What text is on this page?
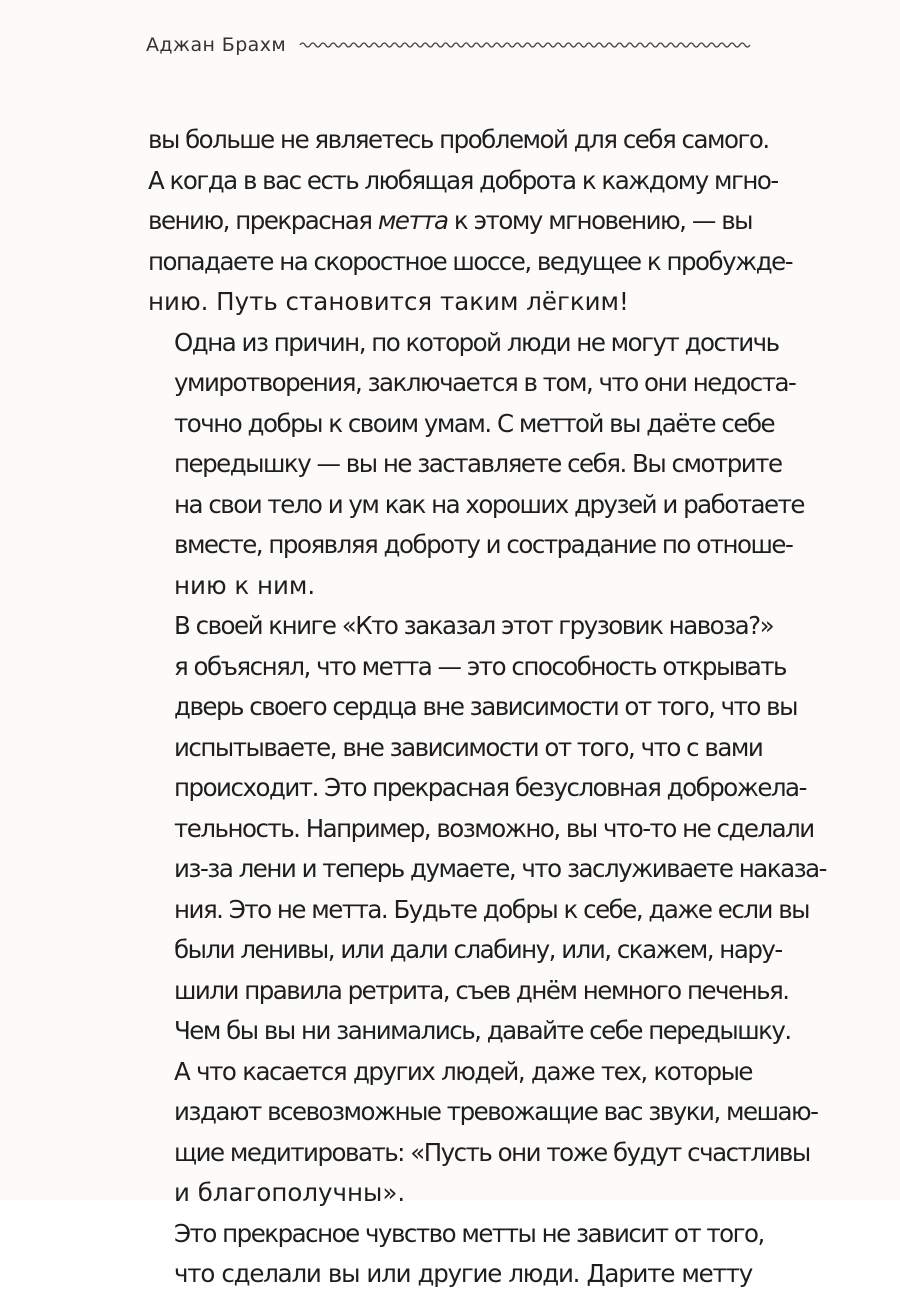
Аджан Брахм

вы больше не являетесь проблемой для себя самого.
А когда в вас есть любящая доброта к каждому мгно-
вению, прекрасная метта к этому мгновению, — вы
попадаете на скоростное шоссе, ведущее к пробужде-
нию. Путь становится таким лёгким!

Одна из причин, по которой люди не могут достичь
умиротворения, заключается в том, что они недоста-
точно добры к своим умам. С меттой вы даёте себе
передышку — вы не заставляете себя. Вы смотрите
на свои тело и ум как на хороших друзей и работаете
вместе, проявляя доброту и сострадание по отноше-
нию к ним.

В своей книге «Кто заказал этот грузовик навоза?»
я объяснял, что метта — это способность открывать
дверь своего сердца вне зависимости от того, что вы
испытываете, вне зависимости от того, что с вами
происходит. Это прекрасная безусловная доброжела-
тельность. Например, возможно, вы что-то не сделали
из-за лени и теперь думаете, что заслуживаете наказа-
ния. Это не метта. Будьте добры к себе, даже если вы
были ленивы, или дали слабину, или, скажем, нару-
шили правила ретрита, съев днём немного печенья.
Чем бы вы ни занимались, давайте себе передышку.
А что касается других людей, даже тех, которые
издают всевозможные тревожащие вас звуки, мешаю-
щие медитировать: «Пусть они тоже будут счастливы
и благополучны».

Это прекрасное чувство метты не зависит от того,
что сделали вы или другие люди. Дарите метту
